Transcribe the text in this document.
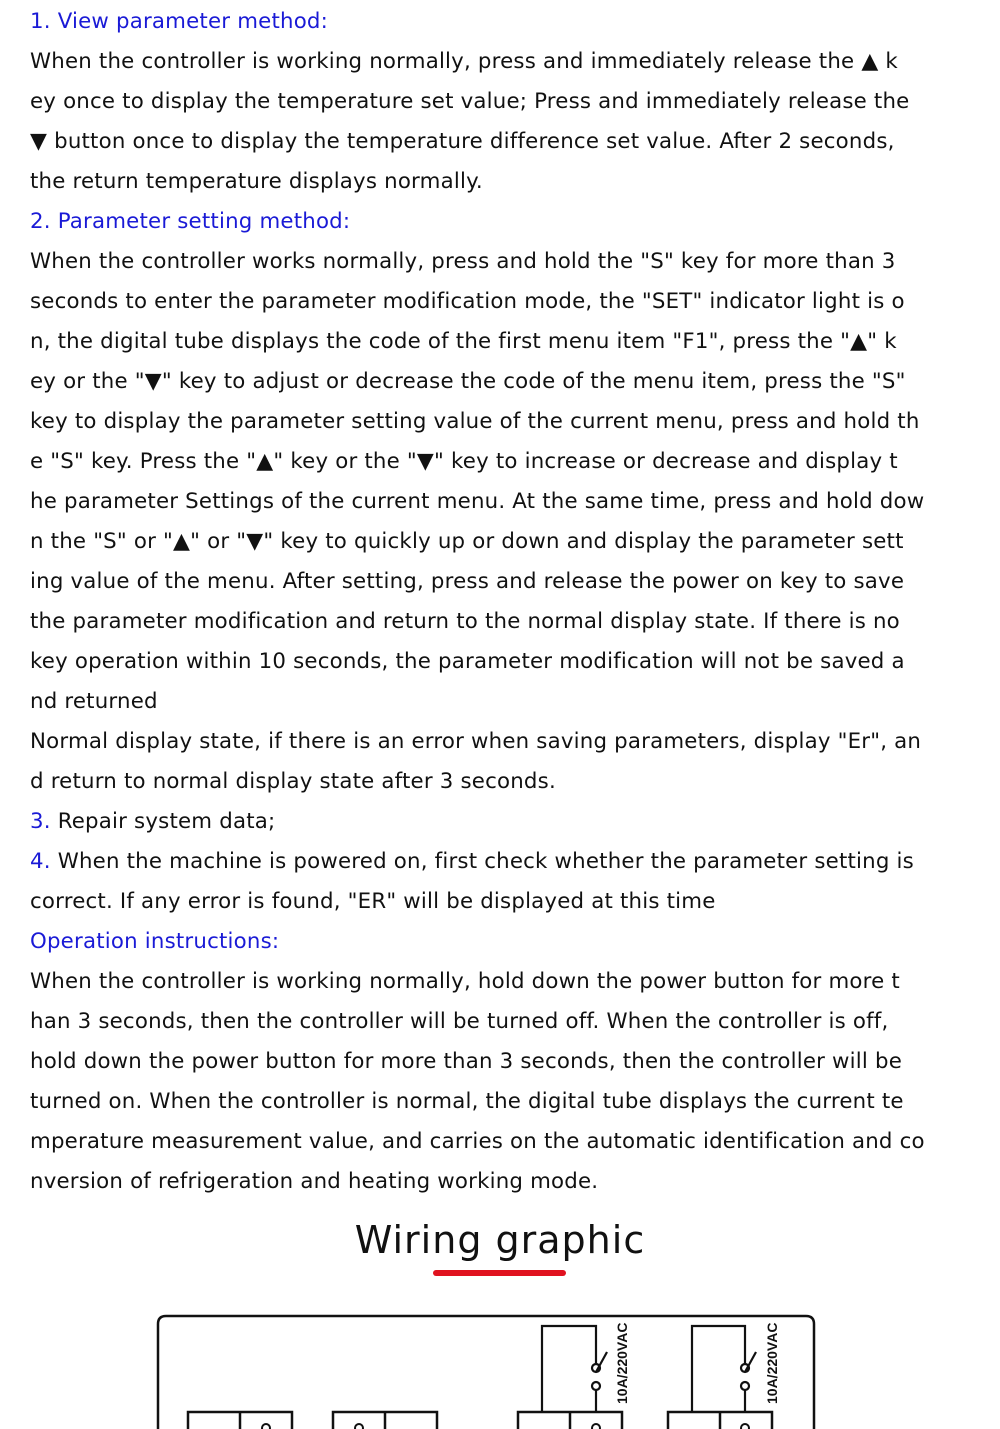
1. View parameter method:
When the controller is working normally, press and immediately release the ▲ k
ey once to display the temperature set value; Press and immediately release the
▼ button once to display the temperature difference set value. After 2 seconds,
the return temperature displays normally.
2. Parameter setting method:
When the controller works normally, press and hold the "S" key for more than 3
seconds to enter the parameter modification mode, the "SET" indicator light is o
n, the digital tube displays the code of the first menu item "F1", press the "▲" k
ey or the "▼" key to adjust or decrease the code of the menu item, press the "S"
key to display the parameter setting value of the current menu, press and hold th
e "S" key. Press the "▲" key or the "▼" key to increase or decrease and display t
he parameter Settings of the current menu. At the same time, press and hold dow
n the "S" or "▲" or "▼" key to quickly up or down and display the parameter sett
ing value of the menu. After setting, press and release the power on key to save
the parameter modification and return to the normal display state. If there is no
key operation within 10 seconds, the parameter modification will not be saved a
nd returned
Normal display state, if there is an error when saving parameters, display "Er", an
d return to normal display state after 3 seconds.
3. Repair system data;
4. When the machine is powered on, first check whether the parameter setting is
correct. If any error is found, "ER" will be displayed at this time
Operation instructions:
When the controller is working normally, hold down the power button for more t
han 3 seconds, then the controller will be turned off. When the controller is off,
hold down the power button for more than 3 seconds, then the controller will be
turned on. When the controller is normal, the digital tube displays the current te
mperature measurement value, and carries on the automatic identification and co
nversion of refrigeration and heating working mode.
Wiring graphic
10A/220VAC	10A/220VAC
